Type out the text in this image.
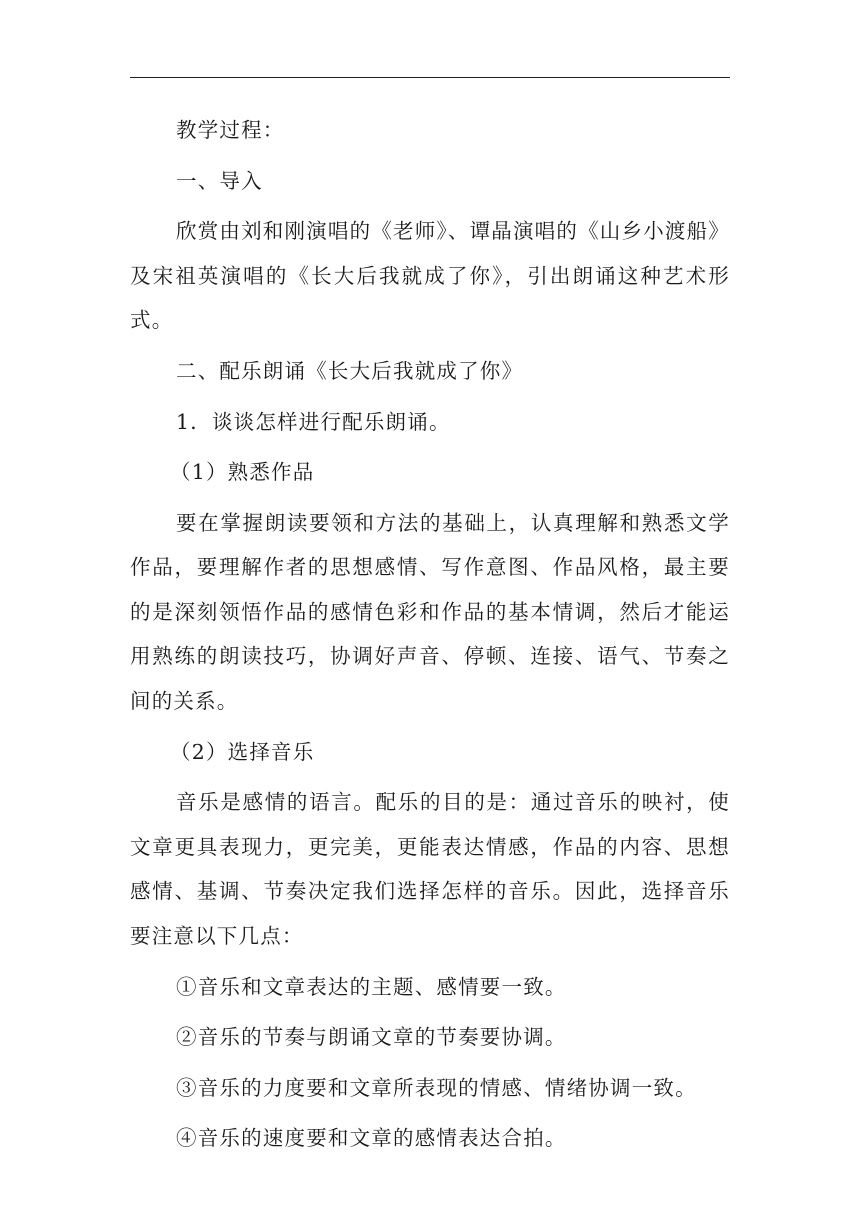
教学过程：

一、导入

欣赏由刘和刚演唱的《老师》、谭晶演唱的《山乡小渡船》及宋祖英演唱的《长大后我就成了你》，引出朗诵这种艺术形式。

二、配乐朗诵《长大后我就成了你》

1．谈谈怎样进行配乐朗诵。

（1）熟悉作品

要在掌握朗读要领和方法的基础上，认真理解和熟悉文学作品，要理解作者的思想感情、写作意图、作品风格，最主要的是深刻领悟作品的感情色彩和作品的基本情调，然后才能运用熟练的朗读技巧，协调好声音、停顿、连接、语气、节奏之间的关系。

（2）选择音乐

音乐是感情的语言。配乐的目的是：通过音乐的映衬，使文章更具表现力，更完美，更能表达情感，作品的内容、思想感情、基调、节奏决定我们选择怎样的音乐。因此，选择音乐要注意以下几点：

①音乐和文章表达的主题、感情要一致。

②音乐的节奏与朗诵文章的节奏要协调。

③音乐的力度要和文章所表现的情感、情绪协调一致。

④音乐的速度要和文章的感情表达合拍。
